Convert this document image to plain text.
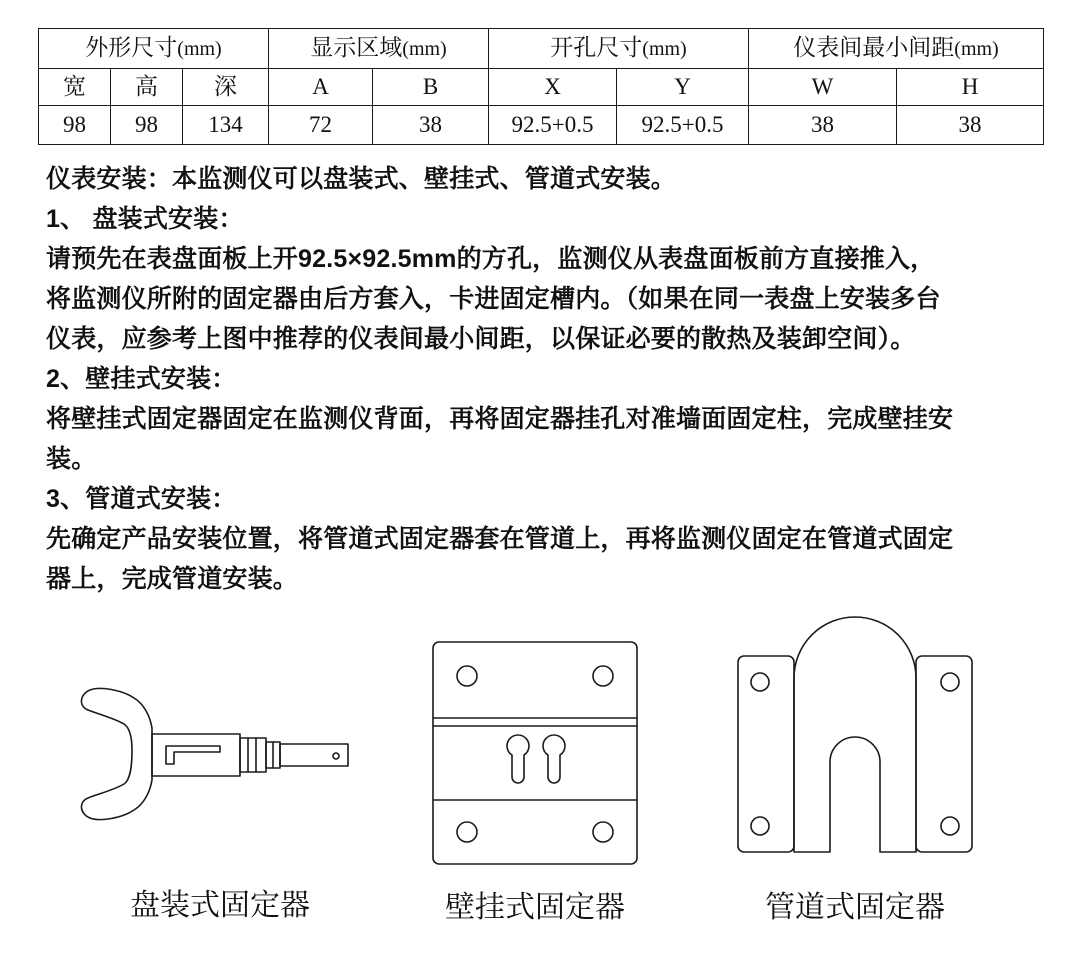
外形尺寸(mm)			显示区域(mm)		开孔尺寸(mm)		仪表间最小间距(mm)	
宽	高	深	A	B	X	Y	W	H
98	98	134	72	38	92.5+0.5	92.5+0.5	38	38

仪表安装：本监测仪可以盘装式、壁挂式、管道式安装。

1、 盘装式安装：

请预先在表盘面板上开92.5×92.5mm的方孔，监测仪从表盘面板前方直接推入，

将监测仪所附的固定器由后方套入，卡进固定槽内。（如果在同一表盘上安装多台

仪表，应参考上图中推荐的仪表间最小间距，以保证必要的散热及装卸空间）。

2、壁挂式安装：

将壁挂式固定器固定在监测仪背面，再将固定器挂孔对准墙面固定柱，完成壁挂安

装。

3、管道式安装：

先确定产品安装位置，将管道式固定器套在管道上，再将监测仪固定在管道式固定

器上，完成管道安装。

盘装式固定器	壁挂式固定器	管道式固定器
